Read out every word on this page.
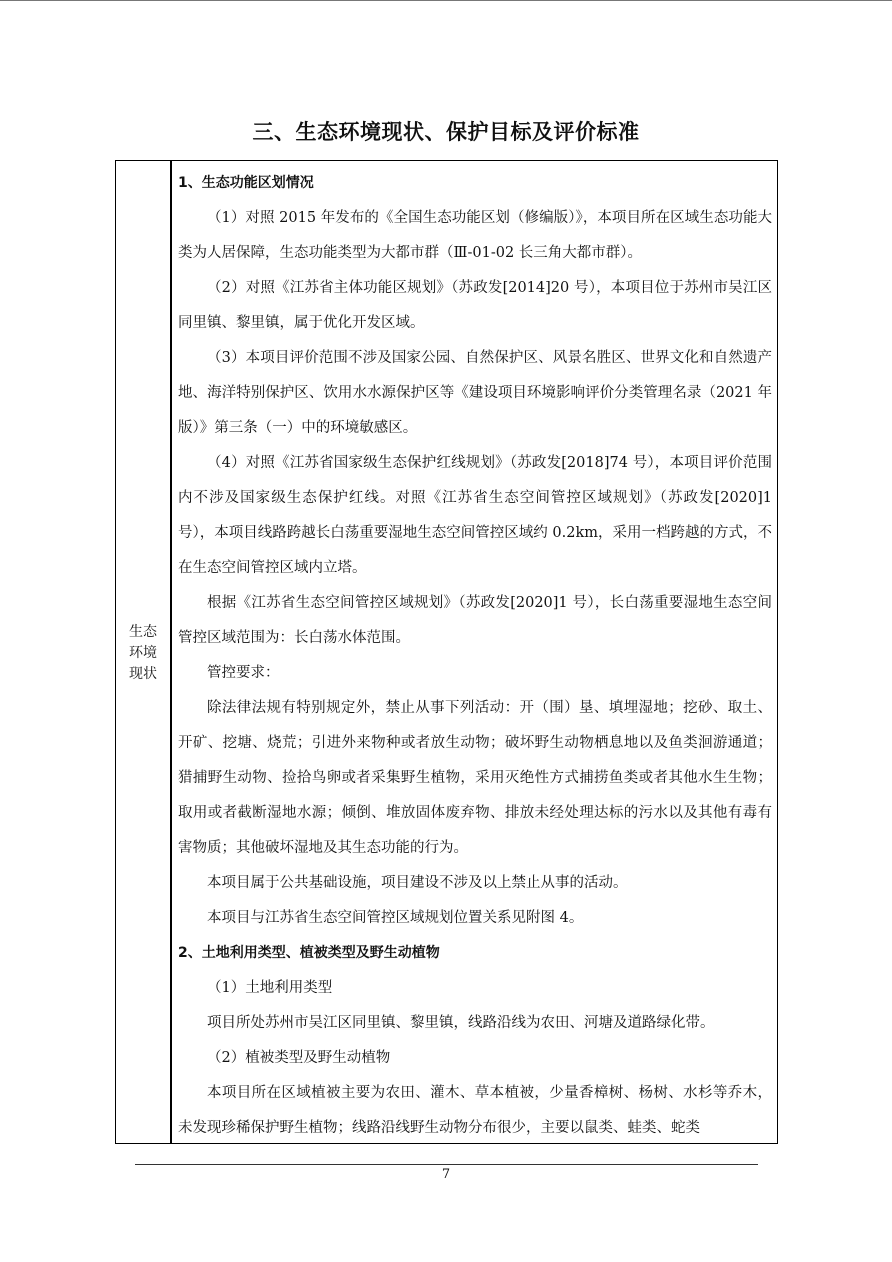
三、生态环境现状、保护目标及评价标准
生态
环境
现状

1、生态功能区划情况

（1）对照 2015 年发布的《全国生态功能区划（修编版）》，本项目所在区域生态功能大类为人居保障，生态功能类型为大都市群（Ⅲ-01-02 长三角大都市群）。

（2）对照《江苏省主体功能区规划》（苏政发[2014]20 号），本项目位于苏州市吴江区同里镇、黎里镇，属于优化开发区域。

（3）本项目评价范围不涉及国家公园、自然保护区、风景名胜区、世界文化和自然遗产地、海洋特别保护区、饮用水水源保护区等《建设项目环境影响评价分类管理名录（2021 年版）》第三条（一）中的环境敏感区。

（4）对照《江苏省国家级生态保护红线规划》（苏政发[2018]74 号），本项目评价范围内不涉及国家级生态保护红线。对照《江苏省生态空间管控区域规划》（苏政发[2020]1 号），本项目线路跨越长白荡重要湿地生态空间管控区域约 0.2km，采用一档跨越的方式，不在生态空间管控区域内立塔。

根据《江苏省生态空间管控区域规划》（苏政发[2020]1 号），长白荡重要湿地生态空间管控区域范围为：长白荡水体范围。

管控要求：

除法律法规有特别规定外，禁止从事下列活动：开（围）垦、填埋湿地；挖砂、取土、开矿、挖塘、烧荒；引进外来物种或者放生动物；破坏野生动物栖息地以及鱼类洄游通道；猎捕野生动物、捡拾鸟卵或者采集野生植物，采用灭绝性方式捕捞鱼类或者其他水生生物；取用或者截断湿地水源；倾倒、堆放固体废弃物、排放未经处理达标的污水以及其他有毒有害物质；其他破坏湿地及其生态功能的行为。

本项目属于公共基础设施，项目建设不涉及以上禁止从事的活动。

本项目与江苏省生态空间管控区域规划位置关系见附图 4。

2、土地利用类型、植被类型及野生动植物

（1）土地利用类型

项目所处苏州市吴江区同里镇、黎里镇，线路沿线为农田、河塘及道路绿化带。

（2）植被类型及野生动植物

本项目所在区域植被主要为农田、灌木、草本植被，少量香樟树、杨树、水杉等乔木，未发现珍稀保护野生植物；线路沿线野生动物分布很少，主要以鼠类、蛙类、蛇类

7
